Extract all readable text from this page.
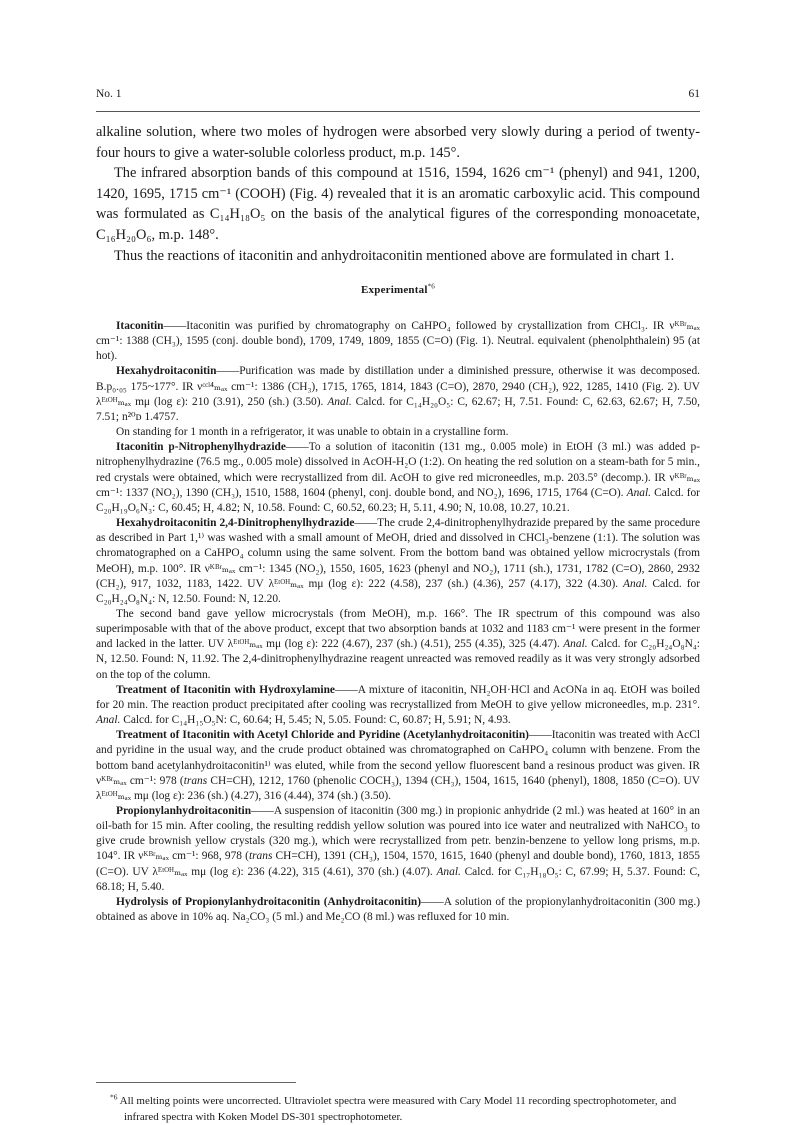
No. 1	61

alkaline solution, where two moles of hydrogen were absorbed very slowly during a period of twenty-four hours to give a water-soluble colorless product, m.p. 145°.

The infrared absorption bands of this compound at 1516, 1594, 1626 cm⁻¹ (phenyl) and 941, 1200, 1420, 1695, 1715 cm⁻¹ (COOH) (Fig. 4) revealed that it is an aromatic carboxylic acid. This compound was formulated as C₁₄H₁₈O₅ on the basis of the analytical figures of the corresponding monoacetate, C₁₆H₂₀O₆, m.p. 148°.

Thus the reactions of itaconitin and anhydroitaconitin mentioned above are formulated in chart 1.

Experimental$^{*6}$

Itaconitin——Itaconitin was purified by chromatography on CaHPO₄ followed by crystallization from CHCl₃. IR νᴷᴮʳₘₐₓ cm⁻¹: 1388 (CH₃), 1595 (conj. double bond), 1709, 1749, 1809, 1855 (C=O) (Fig. 1). Neutral. equivalent (phenolphthalein) 95 (at hot).

Hexahydroitaconitin——Purification was made by distillation under a diminished pressure, otherwise it was decomposed. B.p₀.₀₅ 175~177°. IR νᶜᶜˡ⁴ₘₐₓ cm⁻¹: 1386 (CH₃), 1715, 1765, 1814, 1843 (C=O), 2870, 2940 (CH₂), 922, 1285, 1410 (Fig. 2). UV λᴱᵗᴼᴴₘₐₓ mμ (log ε): 210 (3.91), 250 (sh.) (3.50). Anal. Calcd. for C₁₄H₂₀O₅: C, 62.67; H, 7.51. Found: C, 62.63, 62.67; H, 7.50, 7.51; n²⁰ᴅ 1.4757.

On standing for 1 month in a refrigerator, it was unable to obtain in a crystalline form.

Itaconitin p-Nitrophenylhydrazide——To a solution of itaconitin (131 mg., 0.005 mole) in EtOH (3 ml.) was added p-nitrophenylhydrazine (76.5 mg., 0.005 mole) dissolved in AcOH-H₂O (1:2). On heating the red solution on a steam-bath for 5 min., red crystals were obtained, which were recrystallized from dil. AcOH to give red microneedles, m.p. 203.5° (decomp.). IR νᴷᴮʳₘₐₓ cm⁻¹: 1337 (NO₂), 1390 (CH₃), 1510, 1588, 1604 (phenyl, conj. double bond, and NO₂), 1696, 1715, 1764 (C=O). Anal. Calcd. for C₂₀H₁₉O₆N₃: C, 60.45; H, 4.82; N, 10.58. Found: C, 60.52, 60.23; H, 5.11, 4.90; N, 10.08, 10.27, 10.21.

Hexahydroitaconitin 2,4-Dinitrophenylhydrazide——The crude 2,4-dinitrophenylhydrazide prepared by the same procedure as described in Part 1,¹⁾ was washed with a small amount of MeOH, dried and dissolved in CHCl₃-benzene (1:1). The solution was chromatographed on a CaHPO₄ column using the same solvent. From the bottom band was obtained yellow microcrystals (from MeOH), m.p. 100°. IR νᴷᴮʳₘₐₓ cm⁻¹: 1345 (NO₂), 1550, 1605, 1623 (phenyl and NO₂), 1711 (sh.), 1731, 1782 (C=O), 2860, 2932 (CH₂), 917, 1032, 1183, 1422. UV λᴱᵗᴼᴴₘₐₓ mμ (log ε): 222 (4.58), 237 (sh.) (4.36), 257 (4.17), 322 (4.30). Anal. Calcd. for C₂₀H₂₄O₈N₄: N, 12.50. Found: N, 12.20.

The second band gave yellow microcrystals (from MeOH), m.p. 166°. The IR spectrum of this compound was also superimposable with that of the above product, except that two absorption bands at 1032 and 1183 cm⁻¹ were present in the former and lacked in the latter. UV λᴱᵗᴼᴴₘₐₓ mμ (log ε): 222 (4.67), 237 (sh.) (4.51), 255 (4.35), 325 (4.47). Anal. Calcd. for C₂₀H₂₄O₈N₄: N, 12.50. Found: N, 11.92. The 2,4-dinitrophenylhydrazine reagent unreacted was removed readily as it was very strongly adsorbed on the top of the column.

Treatment of Itaconitin with Hydroxylamine——A mixture of itaconitin, NH₂OH·HCl and AcONa in aq. EtOH was boiled for 20 min. The reaction product precipitated after cooling was recrystallized from MeOH to give yellow microneedles, m.p. 231°. Anal. Calcd. for C₁₄H₁₅O₅N: C, 60.64; H, 5.45; N, 5.05. Found: C, 60.87; H, 5.91; N, 4.93.

Treatment of Itaconitin with Acetyl Chloride and Pyridine (Acetylanhydroitaconitin)——Itaconitin was treated with AcCl and pyridine in the usual way, and the crude product obtained was chromatographed on CaHPO₄ column with benzene. From the bottom band acetylanhydroitaconitin¹⁾ was eluted, while from the second yellow fluorescent band a resinous product was given. IR νᴷᴮʳₘₐₓ cm⁻¹: 978 (trans CH=CH), 1212, 1760 (phenolic COCH₃), 1394 (CH₃), 1504, 1615, 1640 (phenyl), 1808, 1850 (C=O). UV λᴱᵗᴼᴴₘₐₓ mμ (log ε): 236 (sh.) (4.27), 316 (4.44), 374 (sh.) (3.50).

Propionylanhydroitaconitin——A suspension of itaconitin (300 mg.) in propionic anhydride (2 ml.) was heated at 160° in an oil-bath for 15 min. After cooling, the resulting reddish yellow solution was poured into ice water and neutralized with NaHCO₃ to give crude brownish yellow crystals (320 mg.), which were recrystallized from petr. benzin-benzene to yellow long prisms, m.p. 104°. IR νᴷᴮʳₘₐₓ cm⁻¹: 968, 978 (trans CH=CH), 1391 (CH₃), 1504, 1570, 1615, 1640 (phenyl and double bond), 1760, 1813, 1855 (C=O). UV λᴱᵗᴼᴴₘₐₓ mμ (log ε): 236 (4.22), 315 (4.61), 370 (sh.) (4.07). Anal. Calcd. for C₁₇H₁₈O₅: C, 67.99; H, 5.37. Found: C, 68.18; H, 5.40.

Hydrolysis of Propionylanhydroitaconitin (Anhydroitaconitin)——A solution of the propionylanhydroitaconitin (300 mg.) obtained as above in 10% aq. Na₂CO₃ (5 ml.) and Me₂CO (8 ml.) was refluxed for 10 min.

$^{*6}$ All melting points were uncorrected. Ultraviolet spectra were measured with Cary Model 11 recording spectrophotometer, and infrared spectra with Koken Model DS-301 spectrophotometer.
